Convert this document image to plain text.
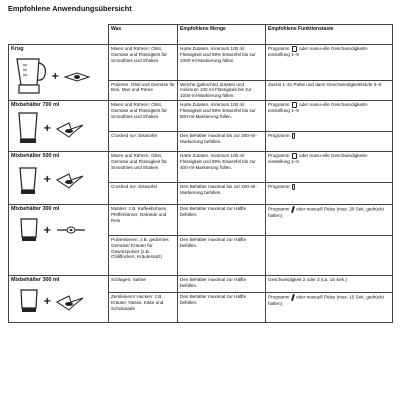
Empfohlene Anwendungsübersicht
	Was	Empfohlene Menge	Empfohlene Funktionstaste

Krug
+	Mixen und Rühren: Obst, Gemüse und Flüssigkeit für Smoothies und Shakes	Harte Zutaten, minimum 100 ml Flüssigkeit und 99% Eiswürfel bis zur 1000-ml-Markierung füllen.	Programm oder manu-elle Geschwindigkeits-einstellung 1–6
	Pürieren: Obst und Gemüse für Brei, Mus und Püree	Weiche (gekochte) Zutaten und minimum 100 ml Flüssigkeit bis zur 1000-ml-Markierung füllen.	Zuerst 1–2x Pulse und dann Geschwindigkeitsstufe 3–6

Mixbehälter 700 ml
+	Mixen und Rühren: Obst, Gemüse und Flüssigkeit für Smoothies und Shakes	Harte Zutaten, minimum 100 ml Flüssigkeit und 99% Eiswürfel bis zur 500-ml-Markierung füllen.	Programm oder manu-elle Geschwindigkeits-einstellung 1–6
	Crushed Ice: Eiswürfel	Den Behälter maximal bis zur 200-ml-Markierung befüllen.	Programm

Mixbehälter 500 ml
+	Mixen und Rühren: Obst, Gemüse und Flüssigkeit für Smoothies und Shakes	Harte Zutaten, minimum 100 ml Flüssigkeit und 99% Eiswürfel bis zur 400-ml-Markierung füllen.	Programm oder manu-elle Geschwindigkeits-einstellung 1–6
	Crushed Ice: Eiswürfel	Den Behälter maximal bis zur 200-ml-Markierung befüllen.	Programm

Mixbehälter 300 ml
+	Mahlen: z.B. Kaffeebohnen, Pfefferkörner, Getreide und Reis	Den Behälter maximal zur Hälfte befüllen.	Programm oder manuell Pulse (max. 20 Sek. gedrückt halten)
	Pulverisieren: z.B. gedörrtes Gemüse/ Kräuter für Gewürzpulver (z.B. Chiliflocken, Kräutersalz)	Den Behälter maximal zur Hälfte befüllen.	

Mixbehälter 300 ml
+	Schlagen: Sahne	Den Behälter maximal zur Hälfte befüllen.	Geschwindigkeit 2 oder 3 (ca. 15 Sek.)
	Zerkleinern/ Hacken: z.B. Kräuter, Nüsse, Käse und Schokolade	Den Behälter maximal zur Hälfte befüllen.	Programm oder manuell Pulse (max. 15 Sek. gedrückt halten)
